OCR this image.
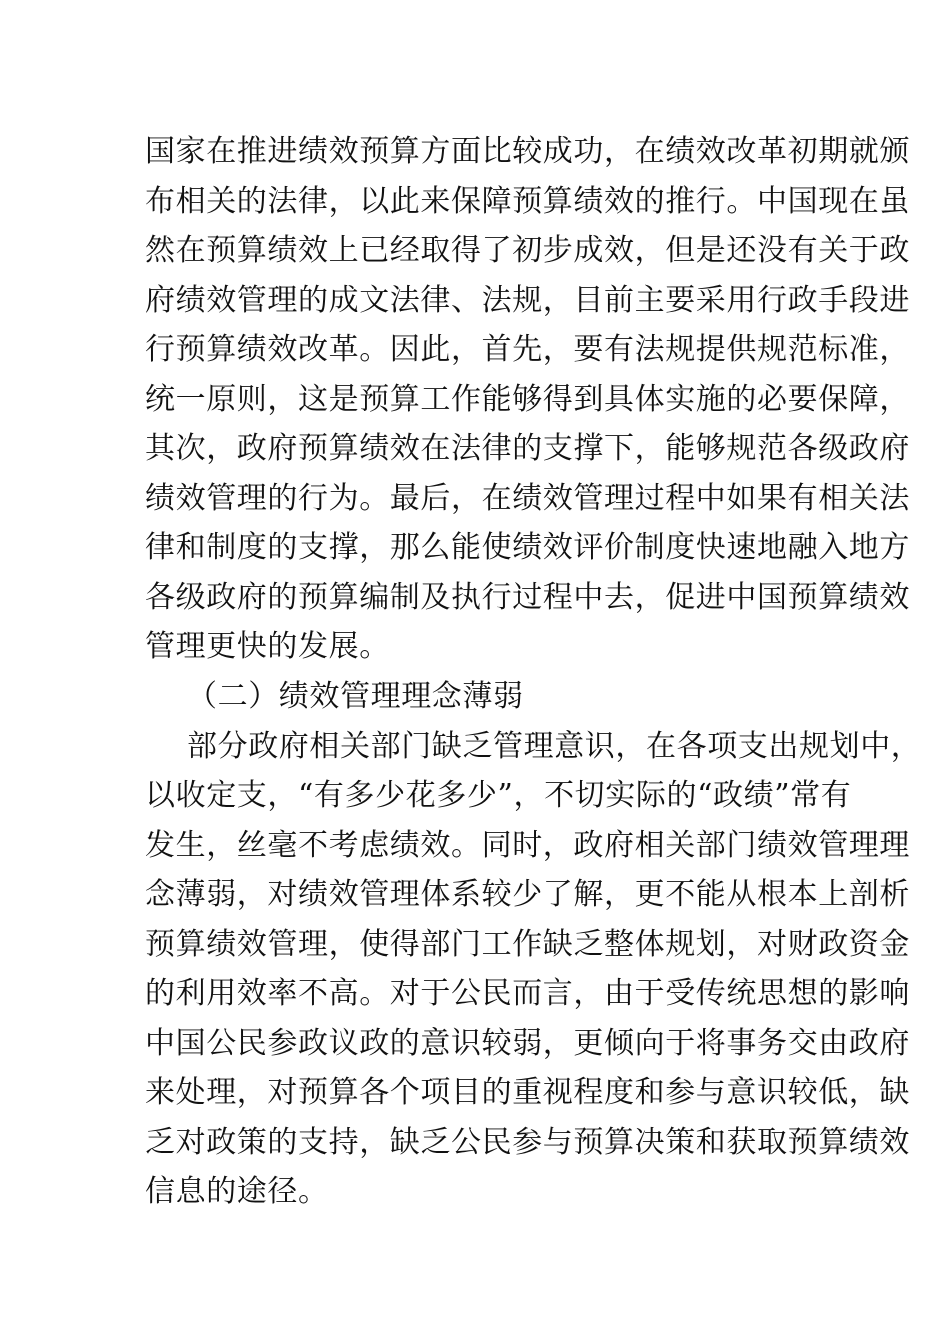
国家在推进绩效预算方面比较成功，在绩效改革初期就颁
布相关的法律，以此来保障预算绩效的推行。中国现在虽
然在预算绩效上已经取得了初步成效，但是还没有关于政
府绩效管理的成文法律、法规，目前主要采用行政手段进
行预算绩效改革。因此，首先，要有法规提供规范标准，
统一原则，这是预算工作能够得到具体实施的必要保障，
其次，政府预算绩效在法律的支撑下，能够规范各级政府
绩效管理的行为。最后，在绩效管理过程中如果有相关法
律和制度的支撑，那么能使绩效评价制度快速地融入地方
各级政府的预算编制及执行过程中去，促进中国预算绩效
管理更快的发展。
（二）绩效管理理念薄弱
部分政府相关部门缺乏管理意识，在各项支出规划中，
以收定支，“有多少花多少”，不切实际的“政绩”常有
发生，丝毫不考虑绩效。同时，政府相关部门绩效管理理
念薄弱，对绩效管理体系较少了解，更不能从根本上剖析
预算绩效管理，使得部门工作缺乏整体规划，对财政资金
的利用效率不高。对于公民而言，由于受传统思想的影响
中国公民参政议政的意识较弱，更倾向于将事务交由政府
来处理，对预算各个项目的重视程度和参与意识较低，缺
乏对政策的支持，缺乏公民参与预算决策和获取预算绩效
信息的途径。
